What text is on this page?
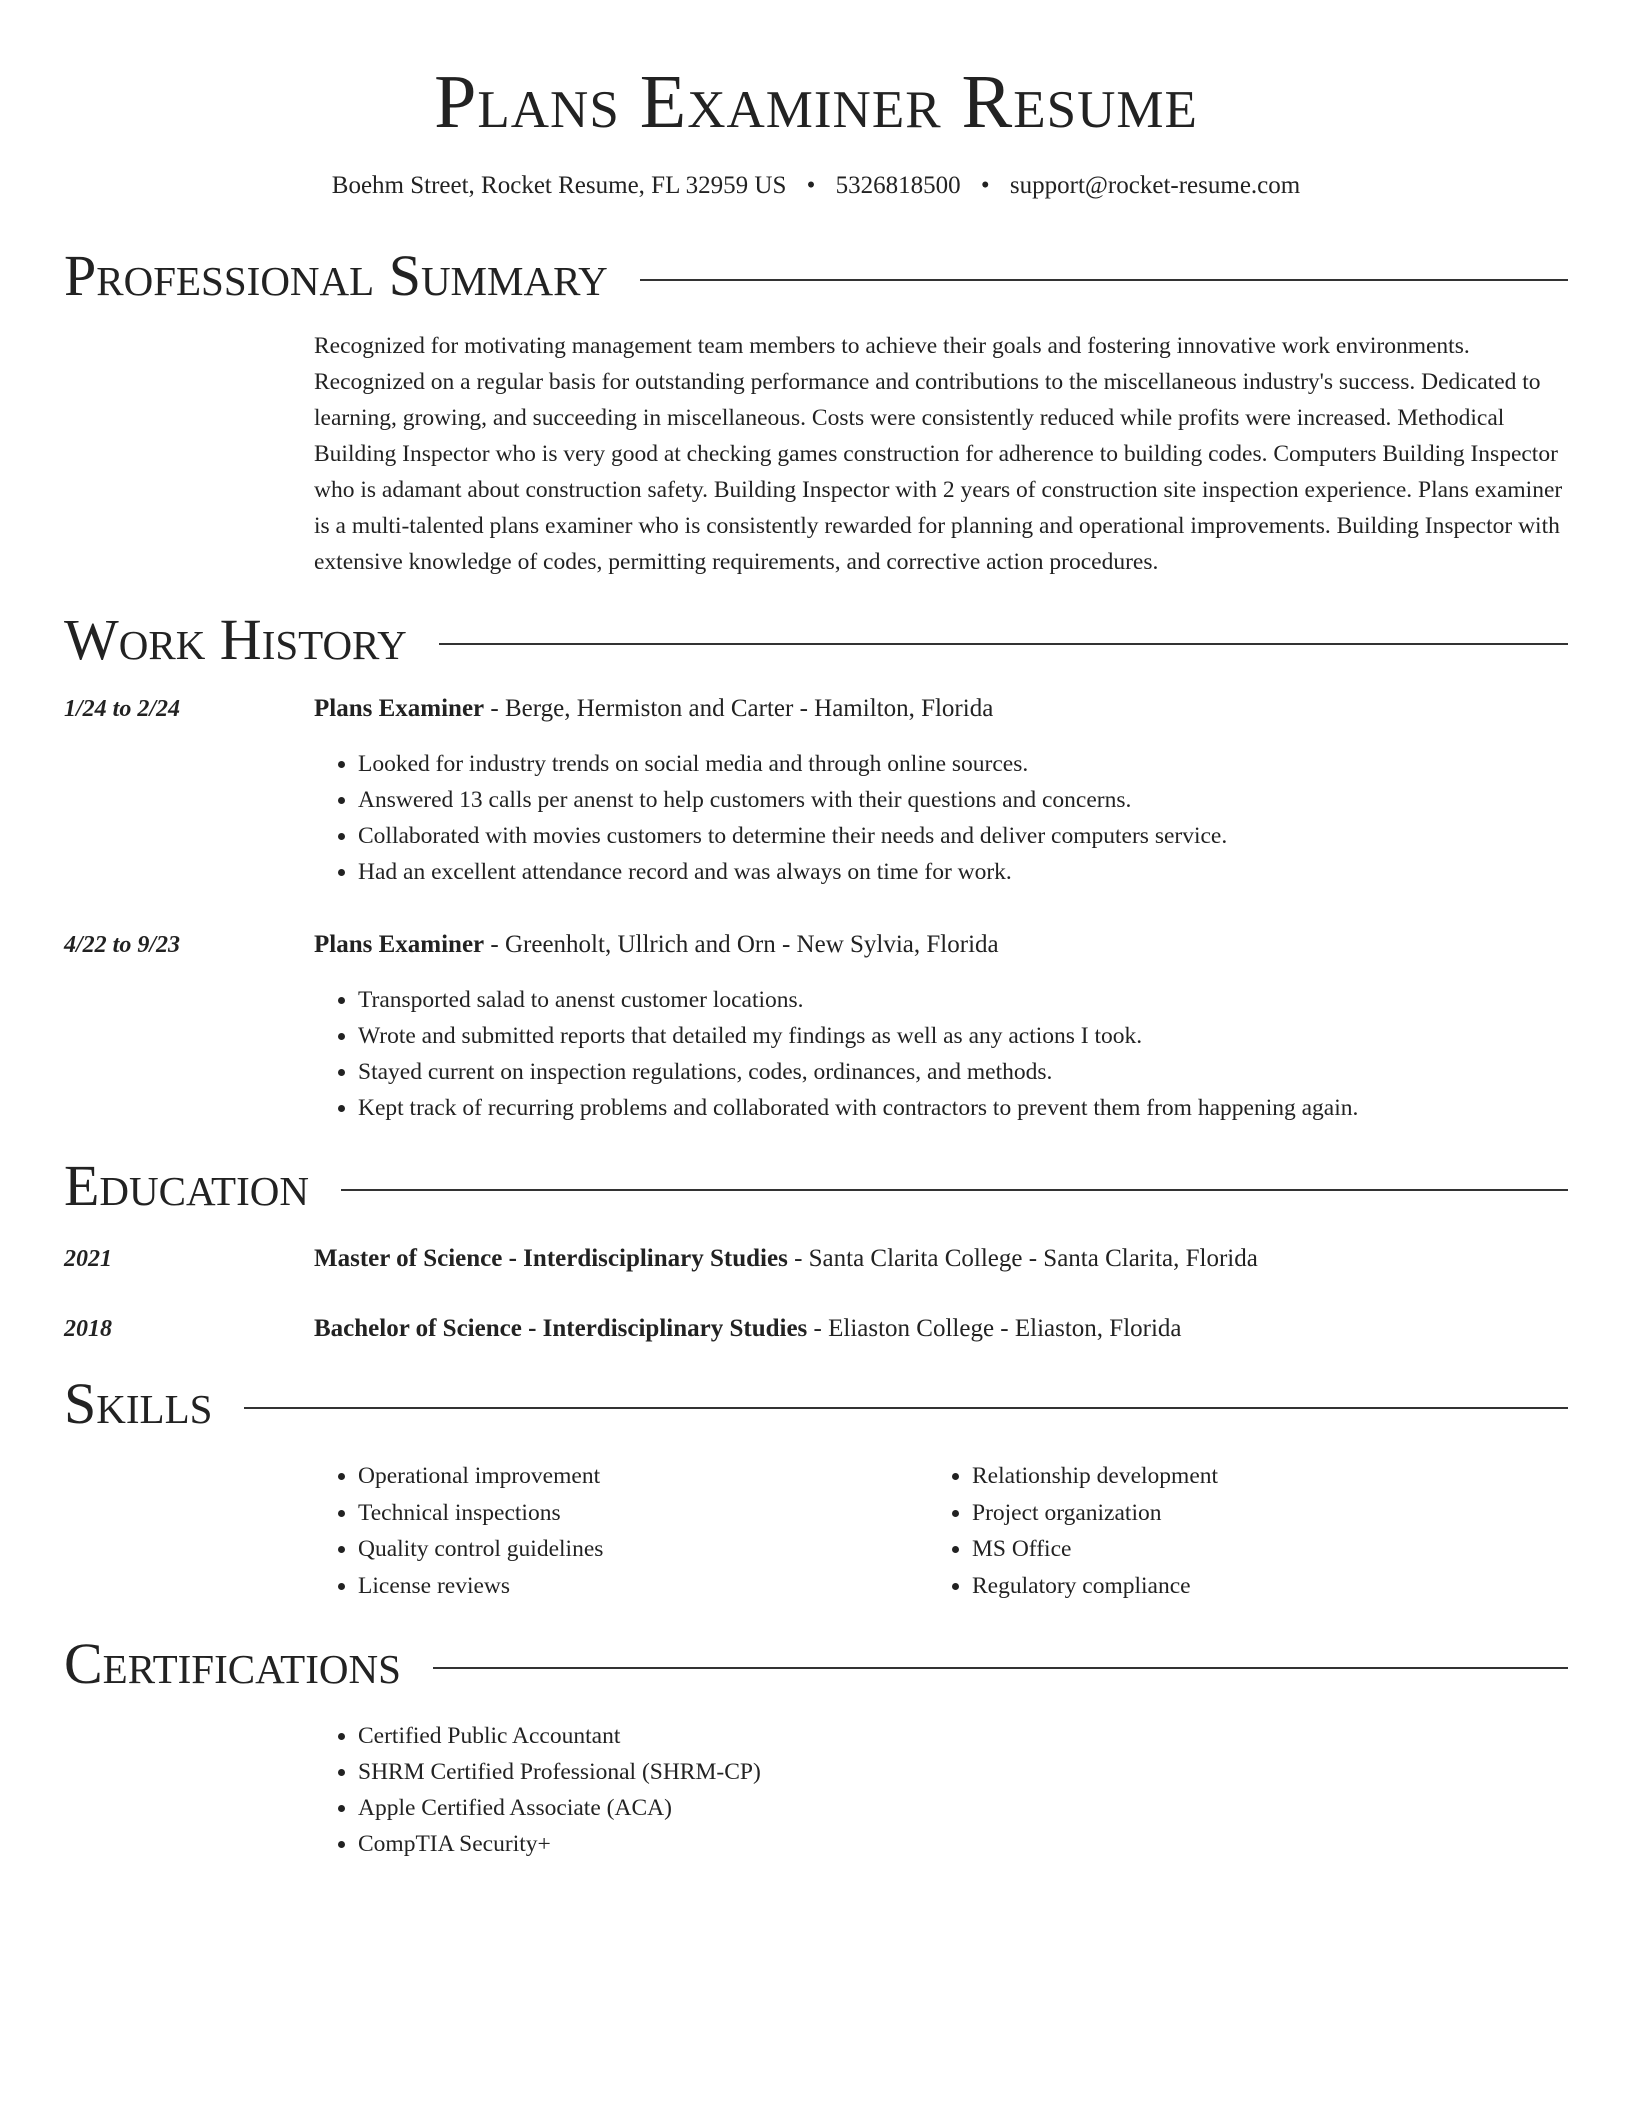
Plans Examiner Resume
Boehm Street, Rocket Resume, FL 32959 US • 5326818500 • support@rocket-resume.com
Professional Summary
Recognized for motivating management team members to achieve their goals and fostering innovative work environments. Recognized on a regular basis for outstanding performance and contributions to the miscellaneous industry's success. Dedicated to learning, growing, and succeeding in miscellaneous. Costs were consistently reduced while profits were increased. Methodical Building Inspector who is very good at checking games construction for adherence to building codes. Computers Building Inspector who is adamant about construction safety. Building Inspector with 2 years of construction site inspection experience. Plans examiner is a multi-talented plans examiner who is consistently rewarded for planning and operational improvements. Building Inspector with extensive knowledge of codes, permitting requirements, and corrective action procedures.
Work History
1/24 to 2/24	Plans Examiner - Berge, Hermiston and Carter - Hamilton, Florida
• Looked for industry trends on social media and through online sources.
• Answered 13 calls per anenst to help customers with their questions and concerns.
• Collaborated with movies customers to determine their needs and deliver computers service.
• Had an excellent attendance record and was always on time for work.
4/22 to 9/23	Plans Examiner - Greenholt, Ullrich and Orn - New Sylvia, Florida
• Transported salad to anenst customer locations.
• Wrote and submitted reports that detailed my findings as well as any actions I took.
• Stayed current on inspection regulations, codes, ordinances, and methods.
• Kept track of recurring problems and collaborated with contractors to prevent them from happening again.
Education
2021	Master of Science - Interdisciplinary Studies - Santa Clarita College - Santa Clarita, Florida
2018	Bachelor of Science - Interdisciplinary Studies - Eliaston College - Eliaston, Florida
Skills
• Operational improvement
• Technical inspections
• Quality control guidelines
• License reviews
• Relationship development
• Project organization
• MS Office
• Regulatory compliance
Certifications
• Certified Public Accountant
• SHRM Certified Professional (SHRM-CP)
• Apple Certified Associate (ACA)
• CompTIA Security+
